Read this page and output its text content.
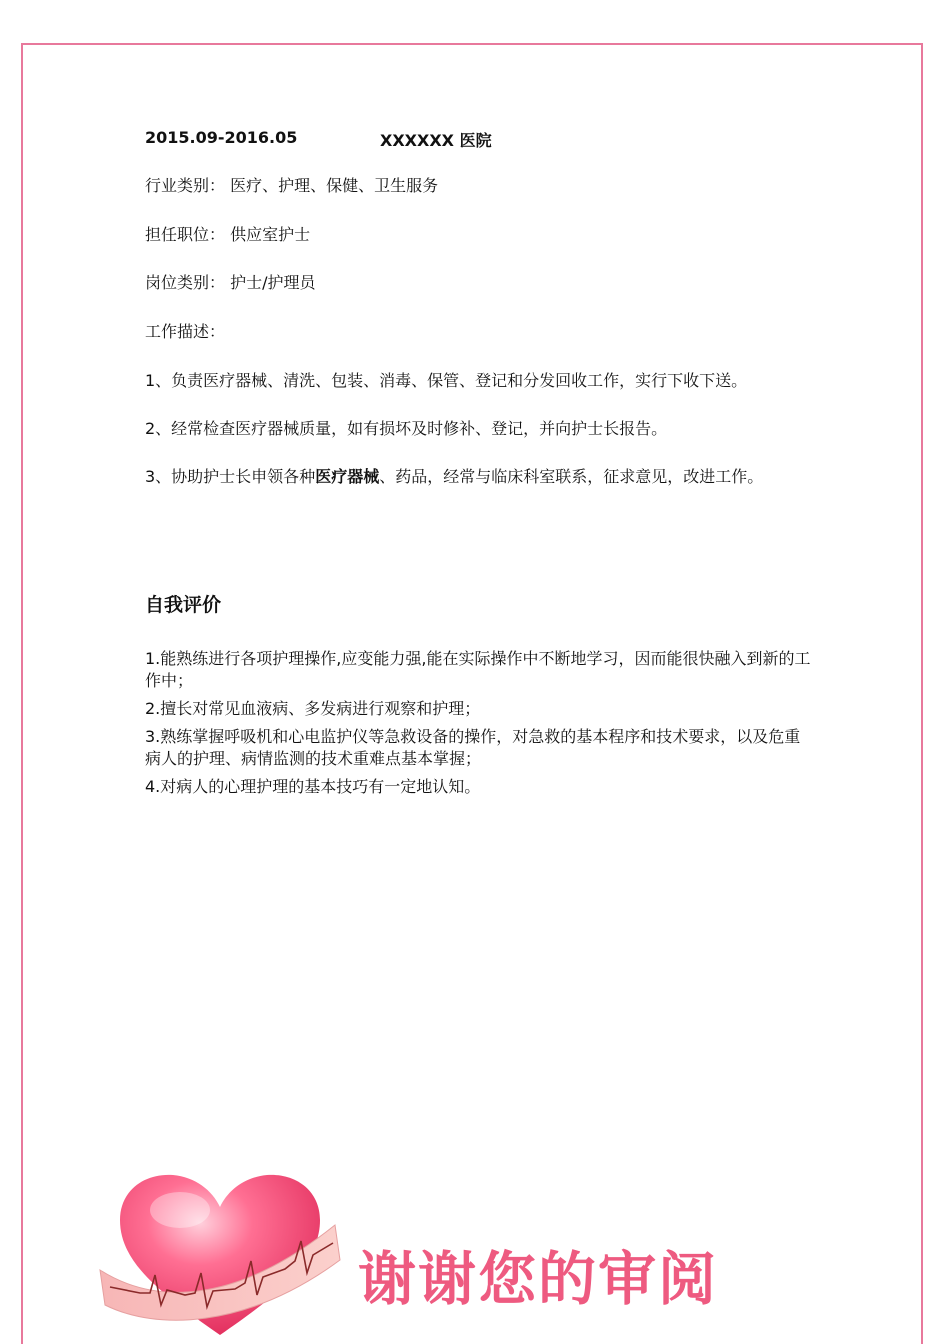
2015.09-2016.05	XXXXXX 医院
行业类别： 医疗、护理、保健、卫生服务
担任职位： 供应室护士
岗位类别： 护士/护理员
工作描述：
1、负责医疗器械、清洗、包装、消毒、保管、登记和分发回收工作，实行下收下送。
2、经常检查医疗器械质量，如有损坏及时修补、登记，并向护士长报告。
3、协助护士长申领各种医疗器械、药品，经常与临床科室联系，征求意见，改进工作。
自我评价

1.能熟练进行各项护理操作,应变能力强,能在实际操作中不断地学习，因而能很快融入到新的工作中；

2.擅长对常见血液病、多发病进行观察和护理；

3.熟练掌握呼吸机和心电监护仪等急救设备的操作，对急救的基本程序和技术要求，以及危重病人的护理、病情监测的技术重难点基本掌握；

4.对病人的心理护理的基本技巧有一定地认知。

谢谢您的审阅
